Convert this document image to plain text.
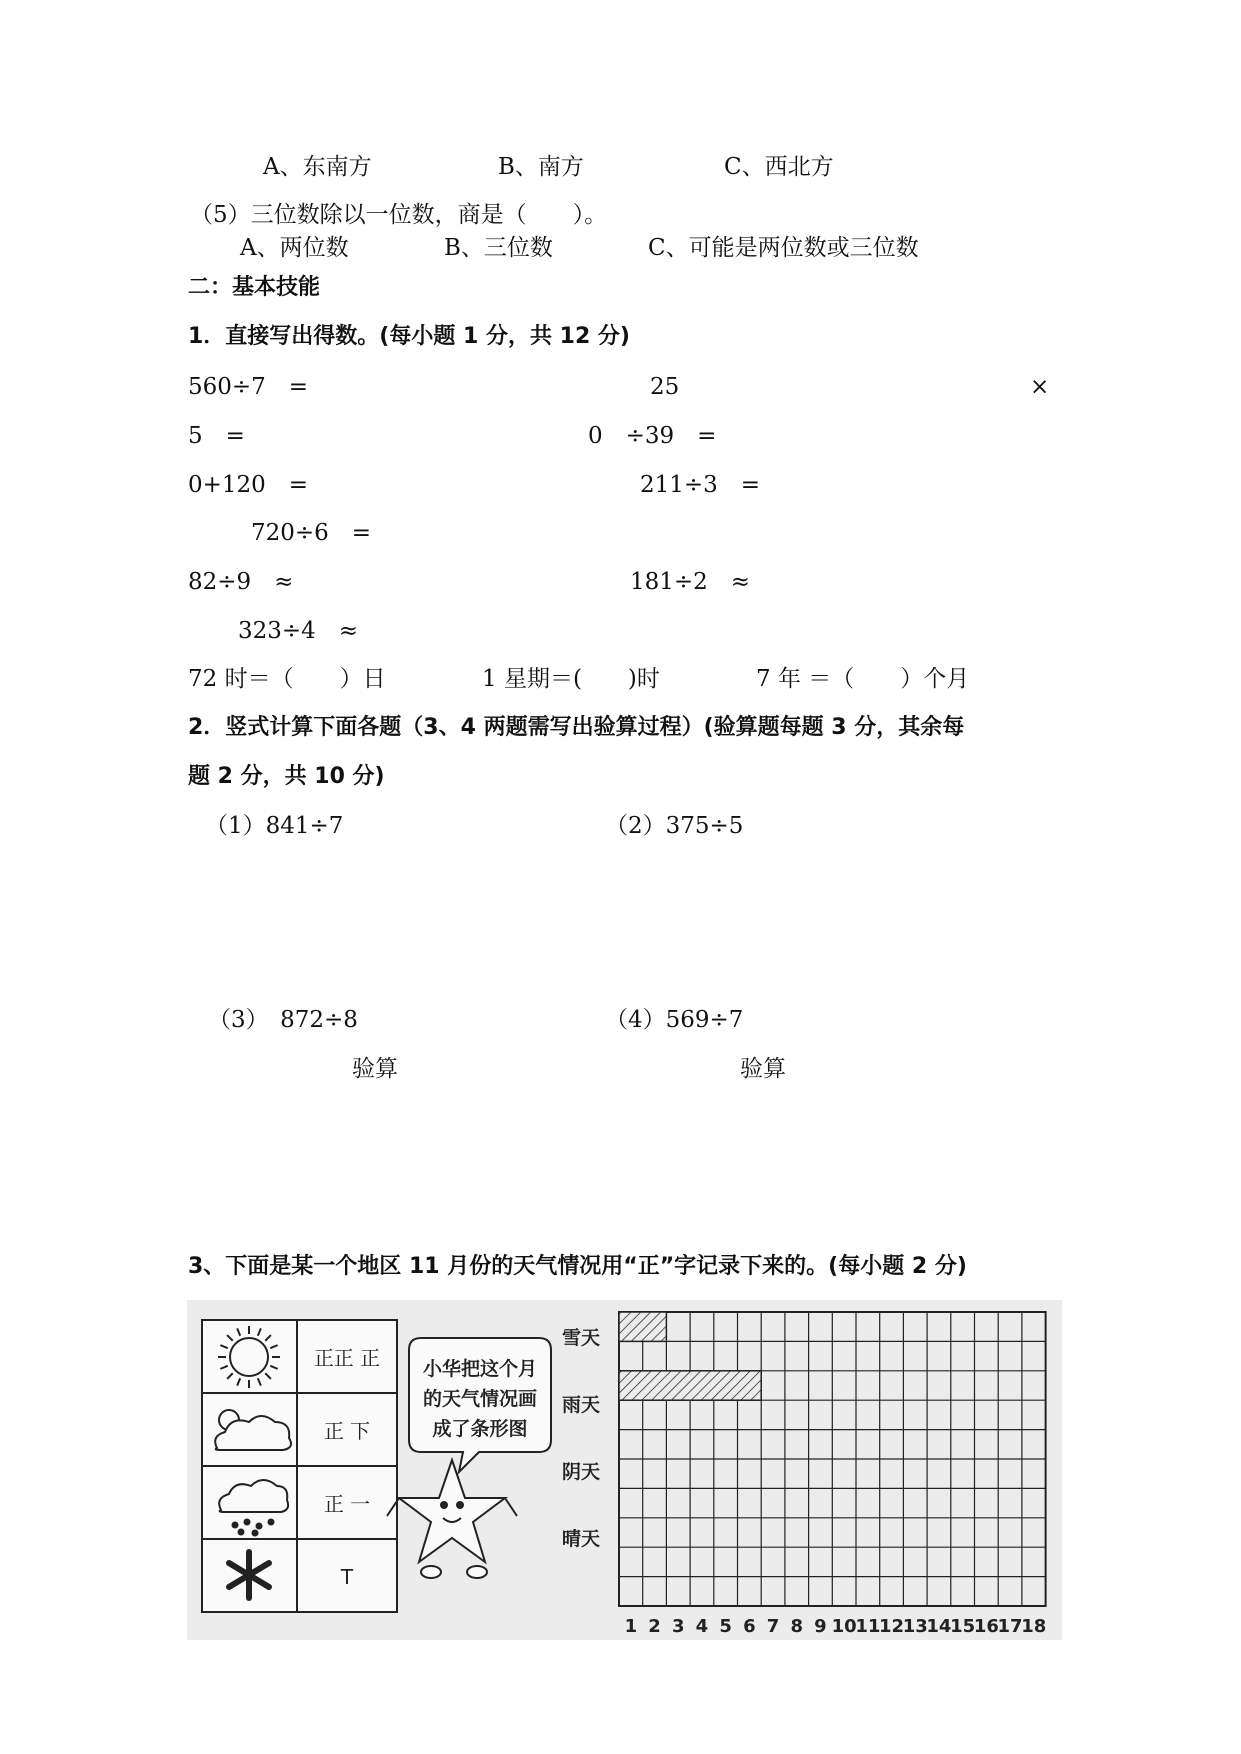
A、东南方	B、南方	C、西北方
（5）三位数除以一位数，商是（　　）。
A、两位数	B、三位数	C、可能是两位数或三位数
二：基本技能
1．直接写出得数。(每小题 1 分，共 12 分)
560÷7　=	25	×
5　=	0　÷39　=
0+120　=	211÷3　=
720÷6　=
82÷9　≈	181÷2　≈
323÷4　≈
72 时＝（　　）日	1 星期＝(　　)时	7 年 ＝（　　）个月
2．竖式计算下面各题（3、4 两题需写出验算过程）(验算题每题 3 分，其余每
题 2 分，共 10 分)
（1）841÷7	（2）375÷5
（3）　872÷8	（4）569÷7
验算	验算
3、下面是某一个地区 11 月份的天气情况用“正”字记录下来的。(每小题 2 分)
正正 正
正 下
正 一
T
小华把这个月
的天气情况画
成了条形图
雪天
雨天
阴天
晴天
1 2 3 4 5 6 7 8 9 10
11
12
13
14
15
16
17
18
